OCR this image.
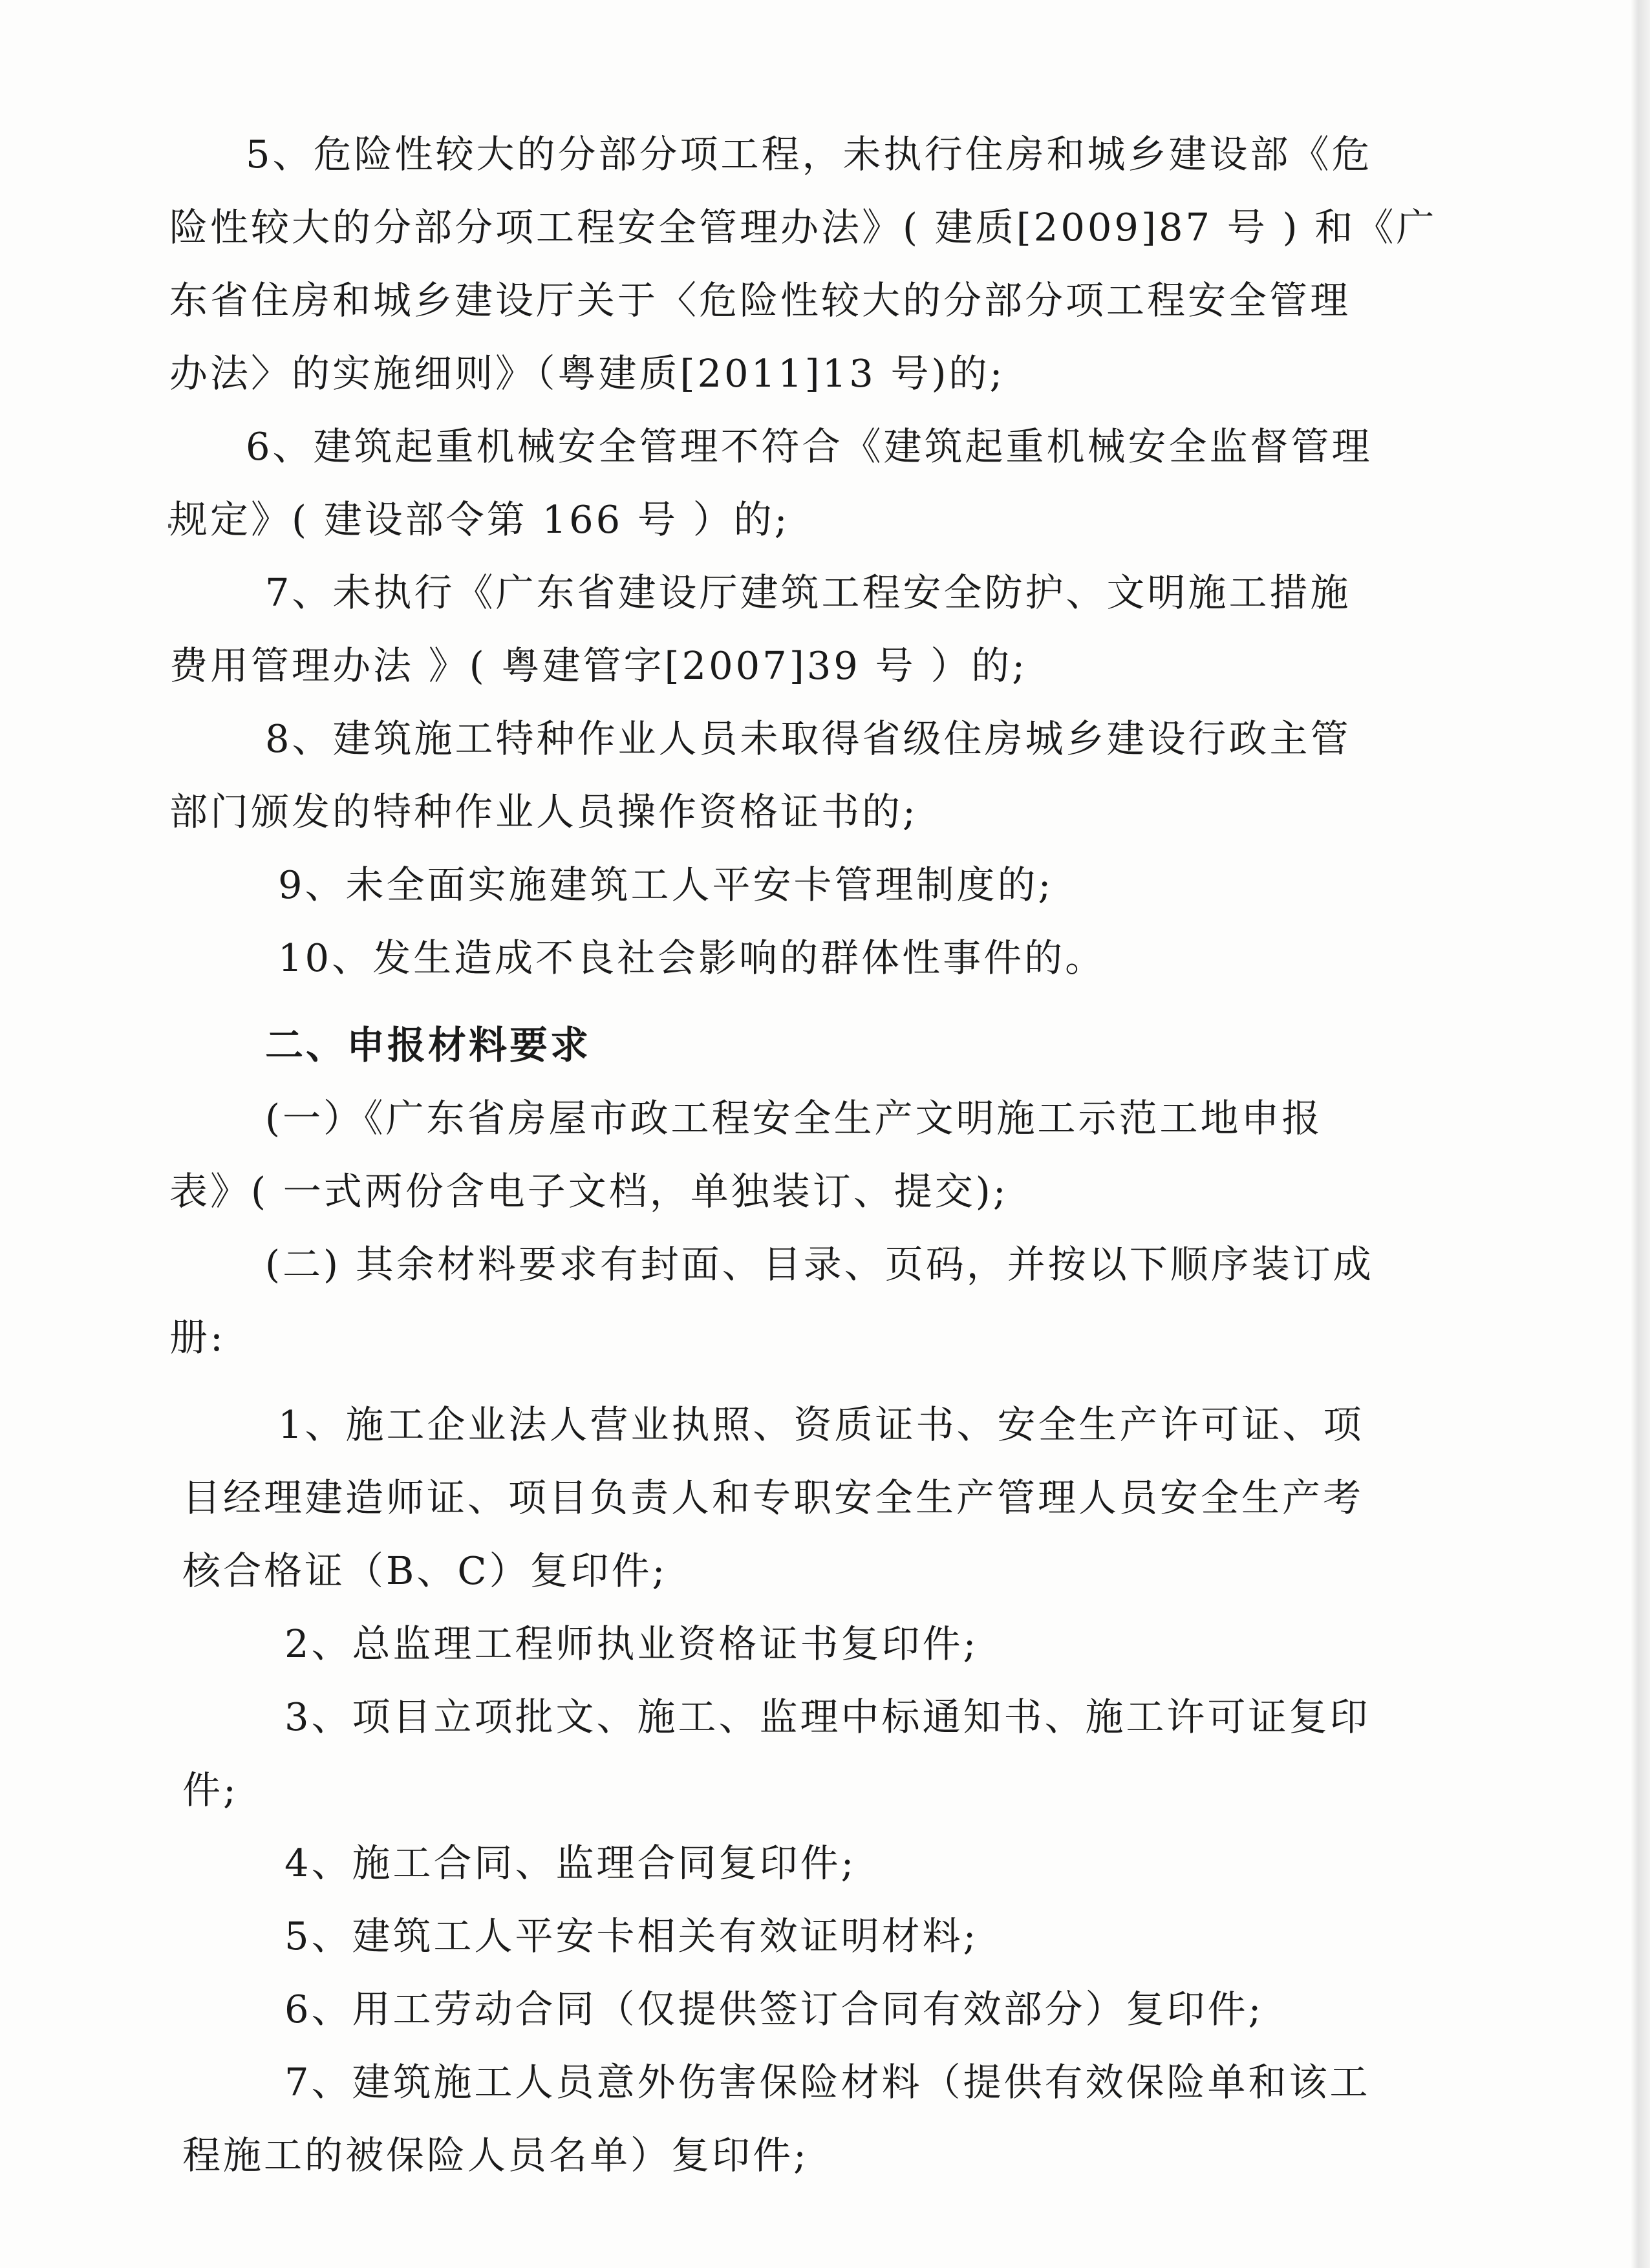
5、危险性较大的分部分项工程，未执行住房和城乡建设部《危
险性较大的分部分项工程安全管理办法》( 建质[2009]87 号 ) 和《广
东省住房和城乡建设厅关于〈危险性较大的分部分项工程安全管理
办法〉的实施细则》（粤建质[2011]13 号)的;
6、建筑起重机械安全管理不符合《建筑起重机械安全监督管理
规定》( 建设部令第 166 号 ）的;
7、未执行《广东省建设厅建筑工程安全防护、文明施工措施
费用管理办法 》( 粤建管字[2007]39 号 ）的;
8、建筑施工特种作业人员未取得省级住房城乡建设行政主管
部门颁发的特种作业人员操作资格证书的;
9、未全面实施建筑工人平安卡管理制度的;
10、发生造成不良社会影响的群体性事件的。
二、申报材料要求
(一）《广东省房屋市政工程安全生产文明施工示范工地申报
表》( 一式两份含电子文档，单独装订、提交);
(二) 其余材料要求有封面、目录、页码，并按以下顺序装订成
册:
1、施工企业法人营业执照、资质证书、安全生产许可证、项
目经理建造师证、项目负责人和专职安全生产管理人员安全生产考
核合格证（B、C）复印件;
2、总监理工程师执业资格证书复印件;
3、项目立项批文、施工、监理中标通知书、施工许可证复印
件;
4、施工合同、监理合同复印件;
5、建筑工人平安卡相关有效证明材料;
6、用工劳动合同（仅提供签订合同有效部分）复印件;
7、建筑施工人员意外伤害保险材料（提供有效保险单和该工
程施工的被保险人员名单）复印件;
